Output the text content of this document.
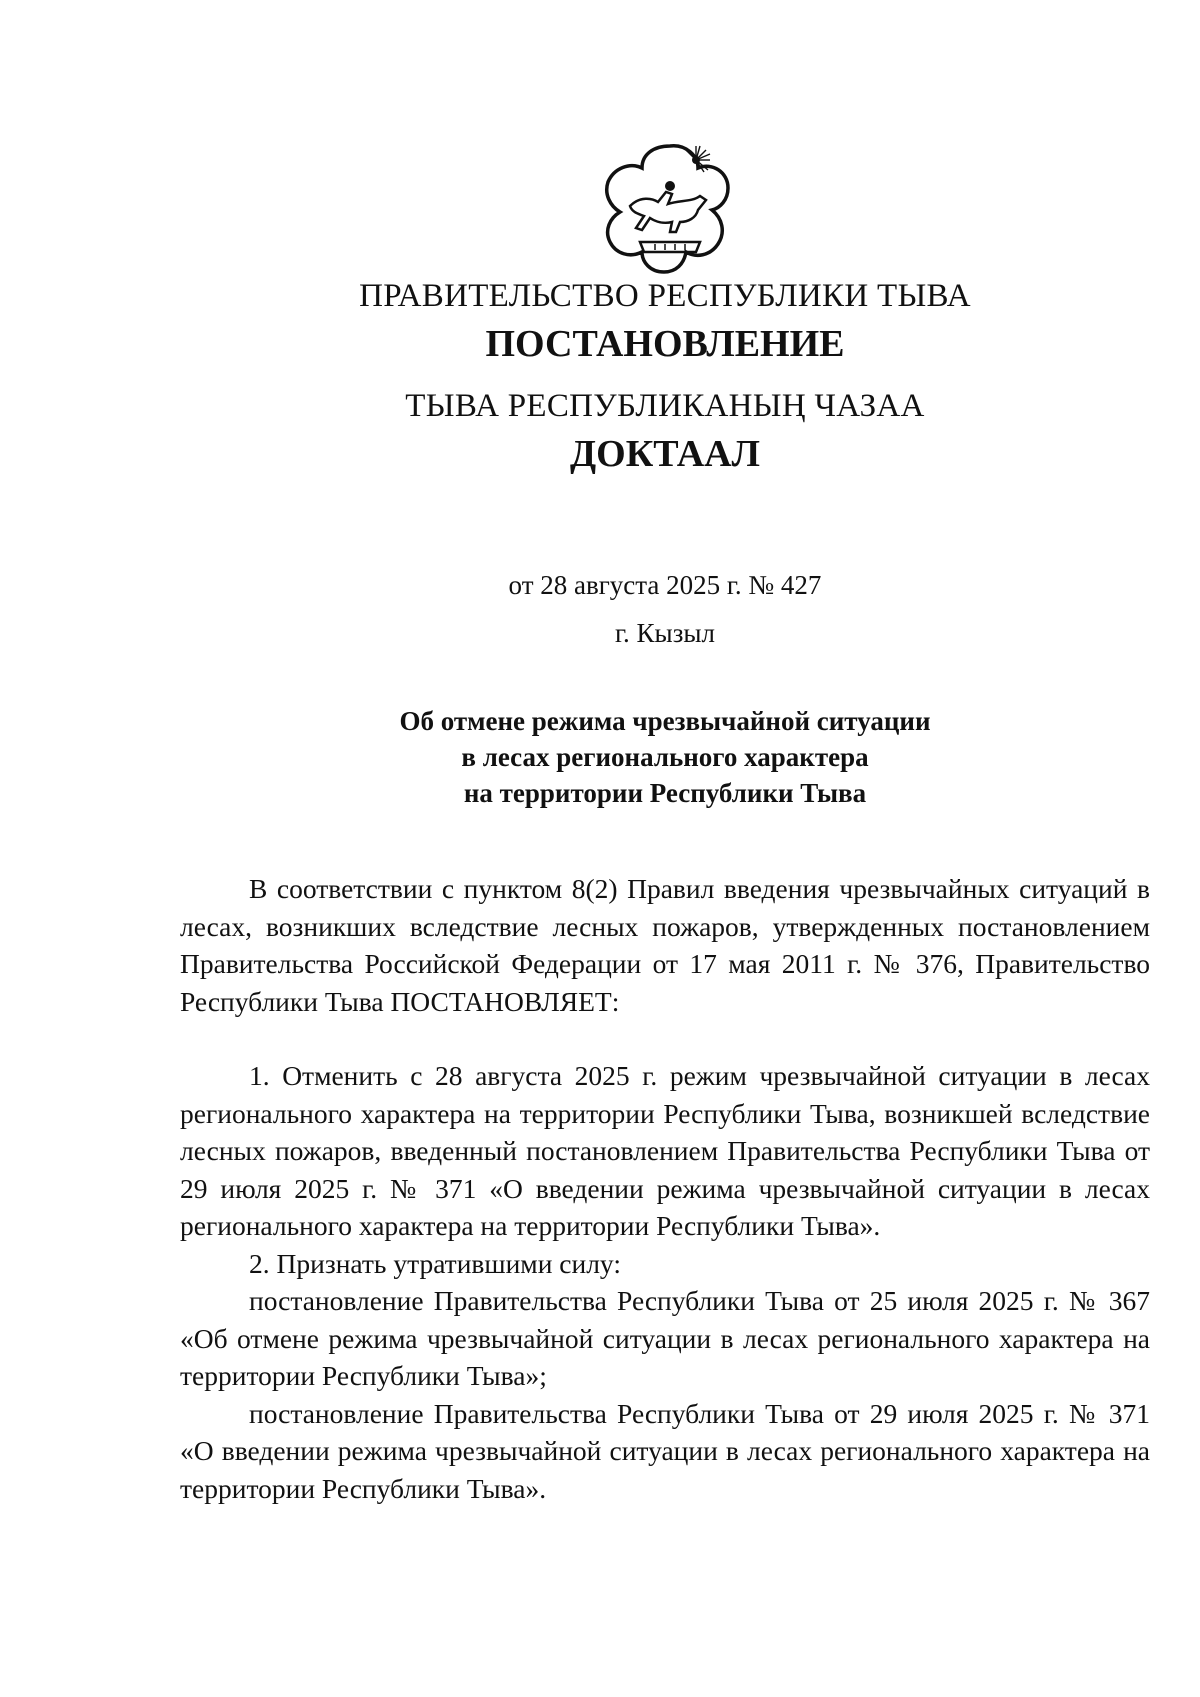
ПРАВИТЕЛЬСТВО РЕСПУБЛИКИ ТЫВА
ПОСТАНОВЛЕНИЕ
ТЫВА РЕСПУБЛИКАНЫҢ ЧАЗАА
ДОКТААЛ
от 28 августа 2025 г. № 427
г. Кызыл
Об отмене режима чрезвычайной ситуации
в лесах регионального характера
на территории Республики Тыва

В соответствии с пунктом 8(2) Правил введения чрезвычайных ситуаций в лесах, возникших вследствие лесных пожаров, утвержденных постановлением Правительства Российской Федерации от 17 мая 2011 г. № 376, Правительство Республики Тыва ПОСТАНОВЛЯЕТ:

1. Отменить с 28 августа 2025 г. режим чрезвычайной ситуации в лесах регионального характера на территории Республики Тыва, возникшей вследствие лесных пожаров, введенный постановлением Правительства Республики Тыва от 29 июля 2025 г. № 371 «О введении режима чрезвычайной ситуации в лесах регионального характера на территории Республики Тыва».

2. Признать утратившими силу:

постановление Правительства Республики Тыва от 25 июля 2025 г. № 367 «Об отмене режима чрезвычайной ситуации в лесах регионального характера на территории Республики Тыва»;

постановление Правительства Республики Тыва от 29 июля 2025 г. № 371 «О введении режима чрезвычайной ситуации в лесах регионального характера на территории Республики Тыва».
